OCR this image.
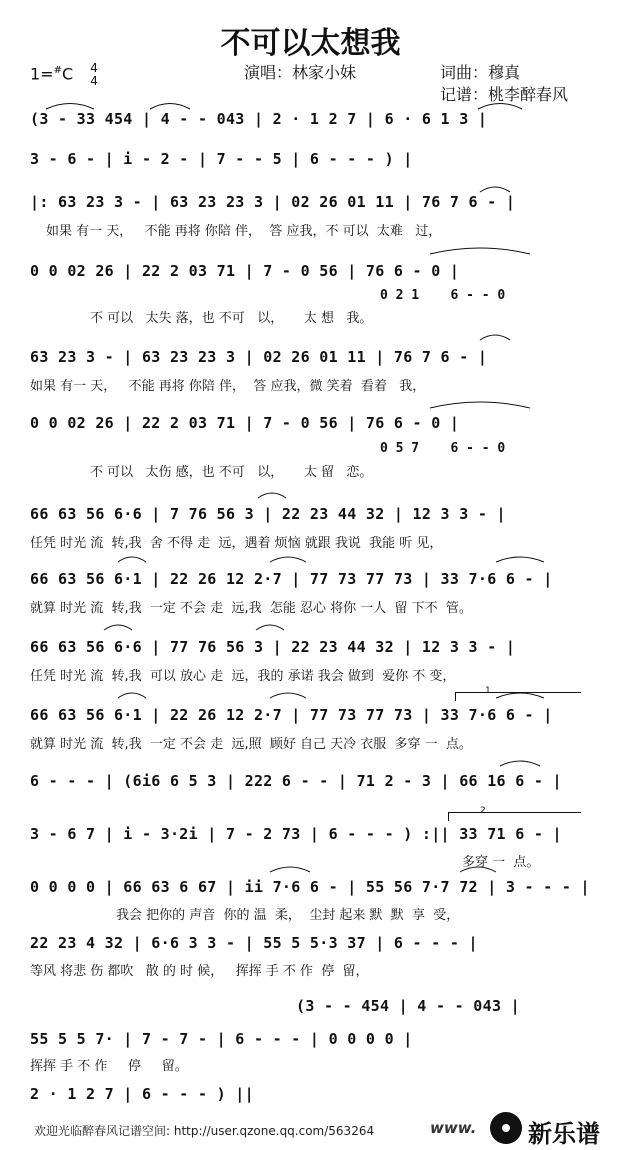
不可以太想我
1=#C 4
4	演唱：林家小妹	词曲：穆真
记谱：桃李醉春风
(3 - 33 454 | 4 - - 043 | 2 · 1 2 7 | 6 · 6 1 3 |
3 - 6 - | i - 2 - | 7 - - 5 | 6 - - - ) |
|: 63 23 3 - | 63 23 23 3 | 02 26 01 11 | 76 7 6 - |
如果 有一 天，   不能 再将 你陪 伴，  答 应我，不 可以  太难   过，
0 0 02 26 | 22 2 03 71 | 7 - 0 56 | 76 6 - 0 |
0 2 1    6 - - 0
不 可以   太失 落，也 不可   以，     太 想   我。
63 23 3 - | 63 23 23 3 | 02 26 01 11 | 76 7 6 - |
如果 有一 天，   不能 再将 你陪 伴，  答 应我，微 笑着  看着   我，
0 0 02 26 | 22 2 03 71 | 7 - 0 56 | 76 6 - 0 |
0 5 7    6 - - 0
不 可以   太伤 感，也 不可   以，     太 留   恋。
66 63 56 6·6 | 7 76 56 3 | 22 23 44 32 | 12 3 3 - |
任凭 时光 流  转,我  舍 不得 走  远，遇着 烦恼 就跟 我说  我能 听 见，
66 63 56 6·1 | 22 26 12 2·7 | 77 73 77 73 | 33 7·6 6 - |
就算 时光 流  转,我  一定 不会 走  远,我  怎能 忍心 将你 一人  留 下不  管。
66 63 56 6·6 | 77 76 56 3 | 22 23 44 32 | 12 3 3 - |
任凭 时光 流  转,我  可以 放心 走  远，我的 承诺 我会 做到  爱你 不 变，
1
66 63 56 6·1 | 22 26 12 2·7 | 77 73 77 73 | 33 7·6 6 - |
就算 时光 流  转,我  一定 不会 走  远,照  顾好 自己 天冷 衣服  多穿 一  点。
6 - - - | (6i6 6 5 3 | 222 6 - - | 71 2 - 3 | 66 16 6 - |
2
3 - 6 7 | i - 3·2i | 7 - 2 73 | 6 - - - ) :|| 33 71 6 - |
多穿 一  点。
0 0 0 0 | 66 63 6 67 | ii 7·6 6 - | 55 56 7·7 72 | 3 - - - |
我会 把你的 声音  你的 温  柔，  尘封 起来 默  默  享  受，
22 23 4 32 | 6·6 3 3 - | 55 5 5·3 37 | 6 - - - |
等风 将悲 伤 都吹   散 的 时 候，   挥挥 手 不 作  停  留，
(3 - - 454 | 4 - - 043 |
55 5 5 7· | 7 - 7 - | 6 - - - | 0 0 0 0 |
挥挥 手 不 作     停     留。
2 · 1 2 7 | 6 - - - ) ||
欢迎光临醉春风记谱空间: http://user.qzone.qq.com/563264	www. 新乐谱
